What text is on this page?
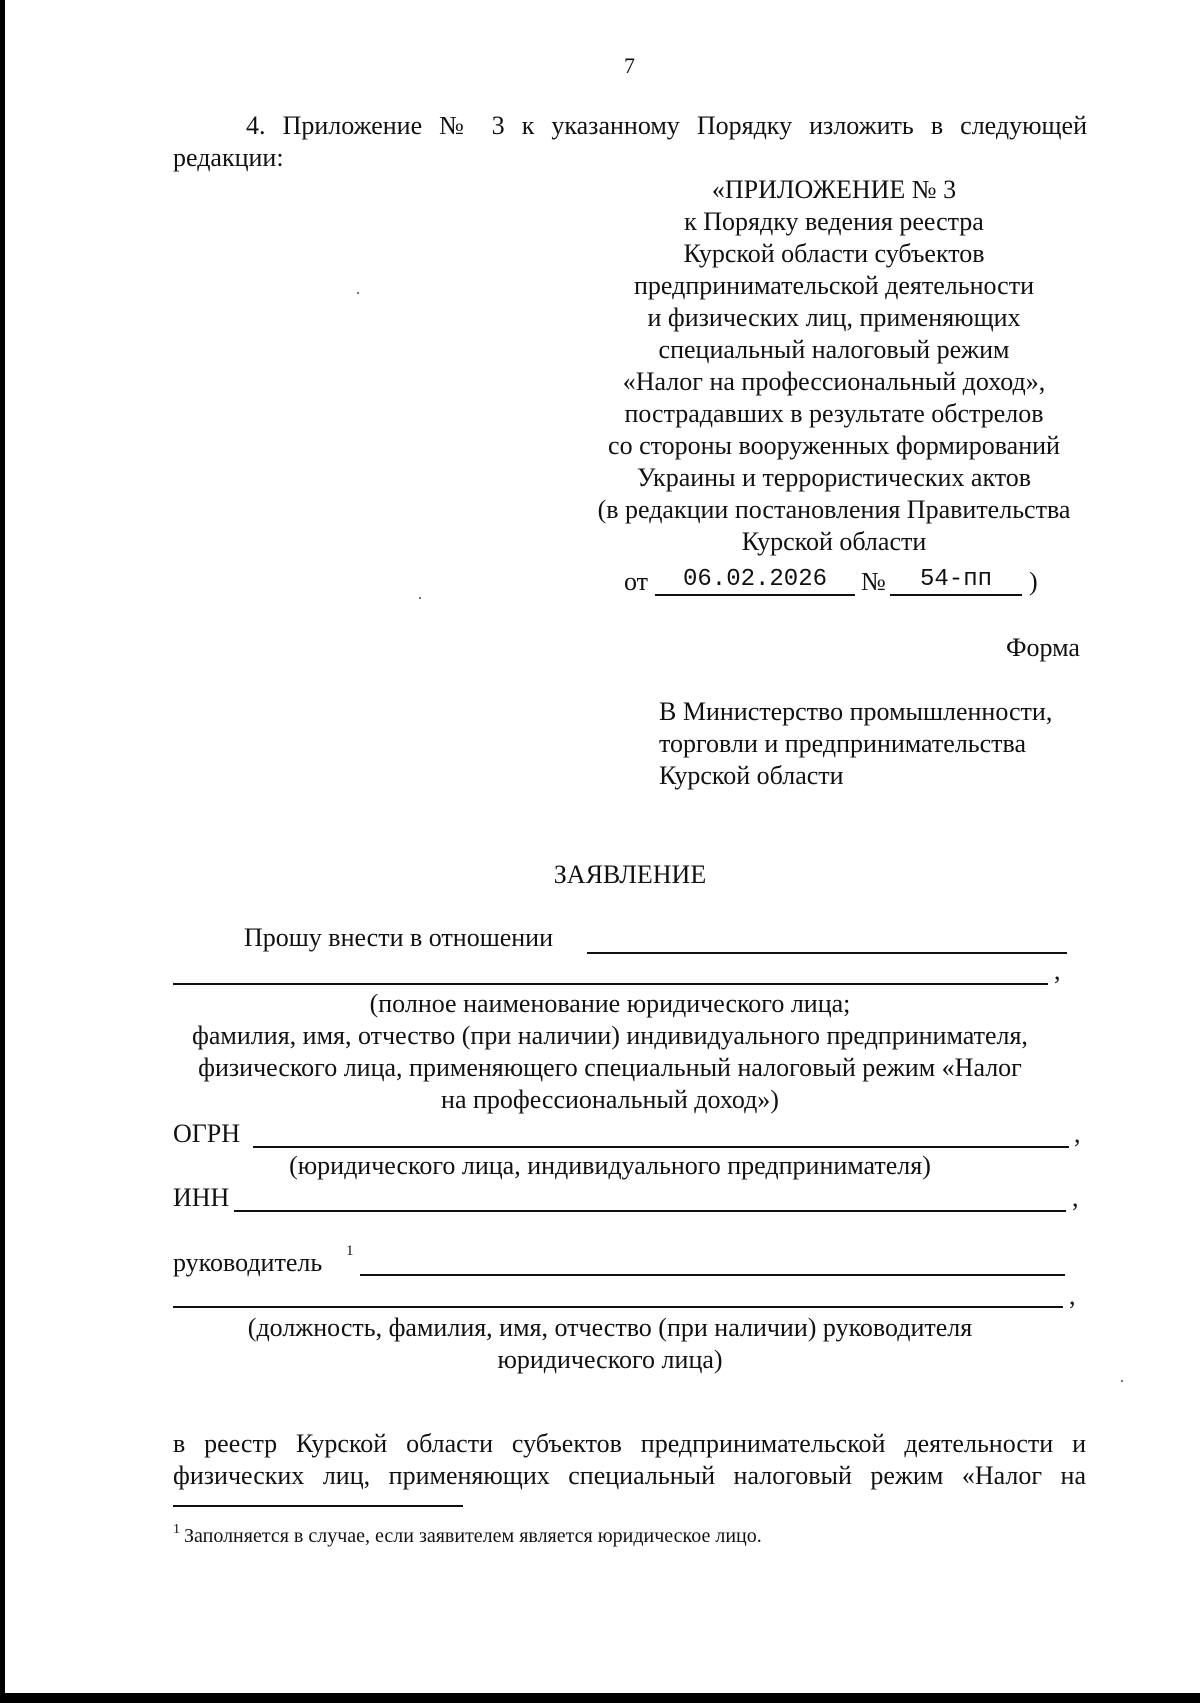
7
4. Приложение № 3 к указанному Порядку изложить в следующей
редакции:
«ПРИЛОЖЕНИЕ № 3
к Порядку ведения реестра
Курской области субъектов
предпринимательской деятельности
и физических лиц, применяющих
специальный налоговый режим
«Налог на профессиональный доход»,
пострадавших в результате обстрелов
со стороны вооруженных формирований
Украины и террористических актов
(в редакции постановления Правительства
Курской области
от	06.02.2026	№	54-пп	)
Форма
В Министерство промышленности,
торговли и предпринимательства
Курской области
ЗАЯВЛЕНИЕ
Прошу внести в отношении
,
(полное наименование юридического лица;
фамилия, имя, отчество (при наличии) индивидуального предпринимателя,
физического лица, применяющего специальный налоговый режим «Налог
на профессиональный доход»)
ОГРН	,
(юридического лица, индивидуального предпринимателя)
ИНН	,
руководитель 1
,
(должность, фамилия, имя, отчество (при наличии) руководителя
юридического лица)
в реестр Курской области субъектов предпринимательской деятельности и
физических лиц, применяющих специальный налоговый режим «Налог на
1 Заполняется в случае, если заявителем является юридическое лицо.
